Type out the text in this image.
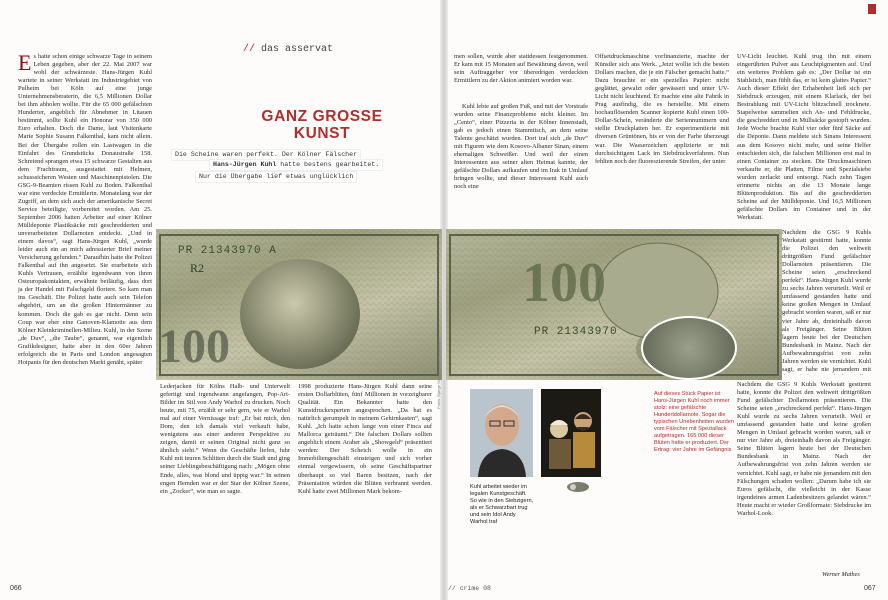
// das asservat
GANZ GROSSE
KUNST
Die Scheine waren perfekt. Der Kölner Fälscher
Hans-Jürgen Kuhl hatte bestens gearbeitet.
Nur die Übergabe lief etwas unglücklich
E s hatte schon einige schwarze Tage in seinem Leben gegeben, aber der 22. Mai 2007 war wohl der schwärzeste. Hans-Jürgen Kuhl wartete in seiner Werkstatt im Industriegebiet von Pulheim bei Köln auf eine junge Unternehmensberaterin, die 6,5 Millionen Dollar bei ihm abholen wollte. Für die 65 000 gefälschten Hunderter, angeblich für Abnehmer in Litauen bestimmt, sollte Kuhl ein Honorar von 350 000 Euro erhalten. Doch die Dame, laut Visitenkarte Marie Sophie Susann Falkenthal, kam nicht allein. Bei der Übergabe rollen ein Lastwagen in die Einfahrt des Grundstücks Donaustraße 158. Schreiend sprangen etwa 15 schwarze Gestalten aus dem Frachtraum, ausgestattet mit Helmen, schusssicheren Westen und Maschinenpistolen. Die GSG-9-Beamten rissen Kuhl zu Boden. Falkenthal war eine verdeckte Ermittlerin. Monatelang war der Zugriff, an dem sich auch der amerikanische Secret Service beteiligte, vorbereitet worden. Am 25. September 2006 hatten Arbeiter auf einer Kölner Mülldeponie Plastiksäcke mit geschredderten und unverarbeiteten Dollarnoten entdeckt. „Und in einem davos“, sagt Hans-Jürgen Kuhl, „wurde leider auch ein an mich adressierter Brief meiner Versicherung gefunden.“ Daraufhin hatte die Polizei Falkenthal auf ihn angesetzt. Sie erarbeitete sich Kuhls Vertrauen, erzählte irgendwann von ihren Osteuropakontakten, erwähnte beiläufig, dass dort ja der Handel mit Falschgeld floriere. So kam man ins Geschäft. Die Polizei hatte auch sein Telefon abgehört, um an die großen Hintermänner zu kommen. Doch die gab es gar nicht. Denn sein Coup war eher eine Ganoven-Klamotte aus dem Kölner Kleinkriminellen-Milieu. Kuhl, in der Szene „de Duv“, „die Taube“, genannt, war eigentlich Grafikdesigner, hatte aber in den 60er Jahren erfolgreich die in Paris und London angesagten Hotpants für den deutschen Markt genäht, später

Lederjacken für Kölns Halb- und Unterwelt gefertigt und irgendwann angefangen, Pop-Art-Bilder im Stil von Andy Warhol zu drucken. Noch heute, mit 75, erzählt er sehr gern, wie er Warhol mal auf einer Vernissage traf: „Er bat mich, den Dom, den ich damals viel verkauft habe, wenigstens aus einer anderen Perspektive zu zeigen, damit er seinen Original nicht ganz so ähnlich sieht.“ Wenn die Geschäfte liefen, fuhr Kuhl mit teuren Schlitten durch die Stadt und ging seiner Lieblingsbeschäftigung nach: „Mögen ohne Ende, alles, was blond und üppig war.“ In seinen engen Hemden war er der Star der Kölner Szene, ein „Zocker“, wie man so sagte.

1998 produzierte Hans-Jürgen Kuhl dann seine ersten Dollarblüten, fünf Millionen in vorzeigbarer Qualität. Ein Bekannter hatte den Kunstdruckexperten angesprochen. „Da hat es natürlich gerumpelt in meinem Gehirnkasten“, sagt Kuhl. „Ich hatte schon lange von einer Finca auf Mallorca geträumt.“ Die falschen Dollars sollten angeblich einem Araber als „Showgeld“ präsentiert werden: Der Scheich wolle in ein Immobiliengeschäft einsteigen und sich vorher einmal vergewissern, ob seine Geschäftspartner überhaupt so viel Baren besitzen, nach der Präsentation würden die Blüten verbrannt werden. Kuhl hatte zwei Millionen Mark bekom-

men sollen, wurde aber stattdessen festgenommen. Er kam mit 15 Monaten auf Bewährung davon, weil sein Auftraggeber vor überedrigen verdeckten Ermittlern zu der Aktion animiert worden war.

Kuhl lebte auf großen Fuß, und mit der Vorstrafe wurden seine Finanzprobleme nicht kleiner. Im „Cento“, einer Pizzeria in der Kölner Innenstadt, gab es jedoch einen Stammtisch, an dem seine Talente geschätzt wurden. Dort traf sich „de Duv“ mit Figuren wie dem Kosovo-Albaner Sinan, einem ehemaligen Schweißer. Und weil der einen Interessenten aus seiner alten Heimat kannte, der gefälschte Dollars aufkaufen und im Irak in Umlauf bringen wollte, und dieser Interessent Kuhl auch noch eine

Offsetdruckmaschine vorfinanzierte, machte der Künstler sich ans Werk. „Jetzt wollte ich die besten Dollars machen, die je ein Fälscher gemacht hatte.“ Dazu brauchte er ein spezielles Papier: nicht geglättet, gewalzt oder gewässert und unter UV-Licht nicht leuchtend. Er machte eine alte Fabrik in Prag ausfindig, die es herstellte. Mit einem hochauflösenden Scanner kopierte Kuhl einen 100-Dollar-Schein, veränderte die Seriennummern und stellte Druckplatten her. Er experimentierte mit diversen Grüntönen, bis er von der Farbe überzeugt war. Die Wasserzeichen applizierte er mit durchsichtigem Lack im Siebdruckverfahren. Nun fehlten noch der fluoreszierende Streifen, der unter

UV-Licht leuchtet. Kuhl trug ihn mit einem eingerührten Pulver aus Leuchtpigmenten auf. Und ein weiteres Problem gab es: „Der Dollar ist ein Stahlstich, man fühlt das, er ist kein glattes Papier.“ Auch dieser Effekt der Erhabenheit ließ sich per Siebdruck erzeugen, mit einem Klarlack, der bei Bestrahlung mit UV-Licht blitzschnell trocknete. Stapelweise sammelten sich An- und Fehldrucke, die geschreddert und in Müllsäcke gestopft wurden. Jede Woche brachte Kuhl vier oder fünf Säcke auf die Deponie. Dann meldete sich Sinans Interessent aus dem Kosovo nicht mehr, und seine Helfer entschieden sich, die falschen Millionen erst mal in einen Container zu stecken. Die Druckmaschinen verkaufte er, die Platten, Filme und Spezialsiebe wurden zerlackt und entsorgt. Nach zehn Tagen erinnerte nichts an die 13 Monate lange Blütenproduktion. Bis auf die geschredderten Scheine auf der Mülldeponie. Und 16,5 Millionen gefälschte Dollars im Container und in der Werkstatt.

Nachdem die GSG 9 Kuhls Werkstatt gestürmt hatte, konnte die Polizei den weltweit drittgrößten Fund gefälschter Dollarnoten präsentieren. Die Scheine seien „erschreckend perfekt“. Hans-Jürgen Kuhl wurde zu sechs Jahren verurteilt. Weil er umfassend gestanden hatte und keine großen Mengen in Umlauf gebracht worden waren, saß er nur vier Jahre ab, dreieinhalb davon als Freigänger. Seine Blüten lagern heute bei der Deutschen Bundesbank in Mainz. Nach der Aufbewahrungsfrist von zehn Jahren werden sie vernichtet. Kuhl sagt, er habe nie jemandem mit

Nachdem die GSG 9 Kuhls Werkstatt gestürmt hatte, konnte die Polizei den weltweit drittgrößten Fund gefälschter Dollarnoten präsentieren. Die Scheine seien „erschreckend perfekt“. Hans-Jürgen Kuhl wurde zu sechs Jahren verurteilt. Weil er umfassend gestanden hatte und keine großen Mengen in Umlauf gebracht worden waren, saß er nur vier Jahre ab, dreieinhalb davon als Freigänger. Seine Blüten lagern heute bei der Deutschen Bundesbank in Mainz. Nach der Aufbewahrungsfrist von zehn Jahren werden sie vernichtet. Kuhl sagt, er habe nie jemandem mit den Fälschungen schaden wollen: „Darum habe ich sie Euros gefälscht, die vielleicht in der Kasse irgendeines armen Ladenbesitzers gelandet wären.“ Heute macht er wieder Großformate: Siebdrucke im Warhol-Look.

Werner Mathes
PR 21343970 A
R2
100
100
PR 21343970
Kuhl arbeitet wieder im legalen Kunstgeschäft. So wie in den Siebzigern, als er Schwarzbart trug und sein Idol Andy Warhol traf
Auf dieses Stück Papier ist Hans-Jürgen Kuhl noch immer stolz: eine gefälschte Hundertdollarnote. Sogar die typischen Unebenheiten wurden vom Fälscher mit Speziallack aufgetragen. 165 000 dieser Blüten hatte er produziert. Der Ertrag: vier Jahre im Gefängnis
Fotos: Bjørge Schmidt, Wolf Holzberger
066	// crime 08	067
